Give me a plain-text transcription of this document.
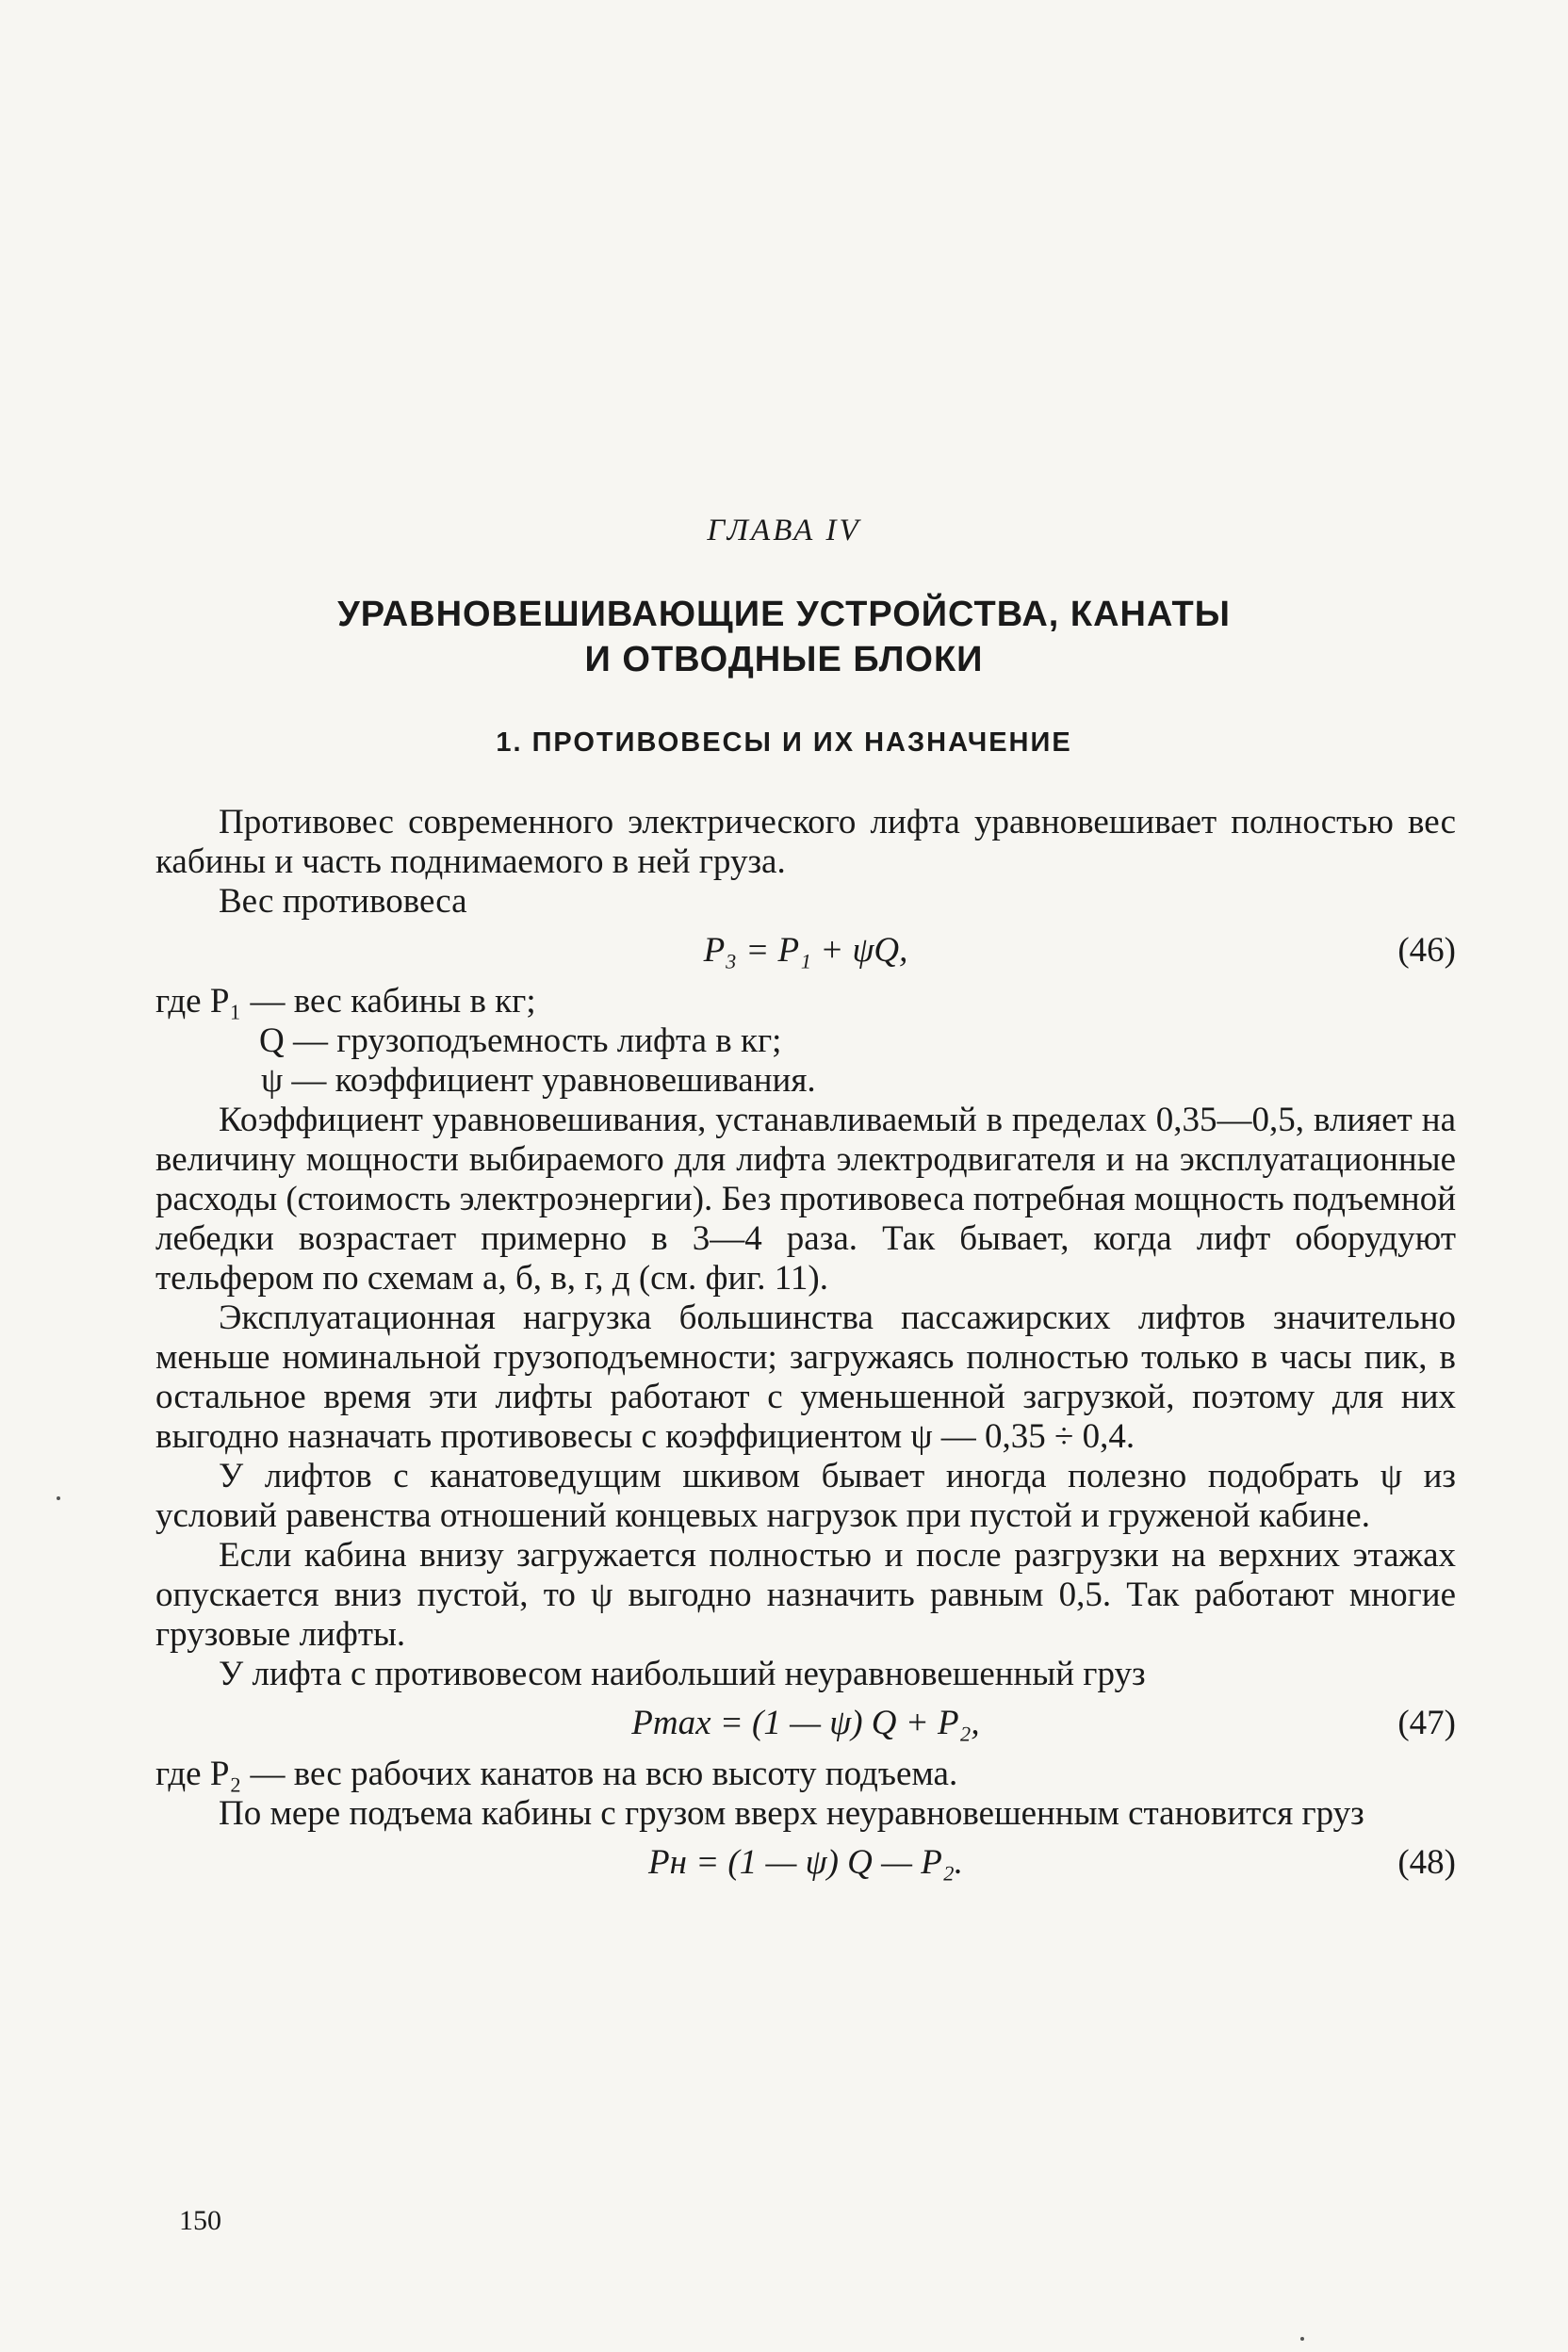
ГЛАВА IV
УРАВНОВЕШИВАЮЩИЕ УСТРОЙСТВА, КАНАТЫ
И ОТВОДНЫЕ БЛОКИ
1. ПРОТИВОВЕСЫ И ИХ НАЗНАЧЕНИЕ

Противовес современного электрического лифта уравновешивает полностью вес кабины и часть поднимаемого в ней груза.

Вес противовеса

P₃ = P₁ + ψQ,	(46)
где P₁ — вес кабины в кг;
Q — грузоподъемность лифта в кг;
ψ — коэффициент уравновешивания.

Коэффициент уравновешивания, устанавливаемый в пределах 0,35—0,5, влияет на величину мощности выбираемого для лифта электродвигателя и на эксплуатационные расходы (стоимость электроэнергии). Без противовеса потребная мощность подъемной лебедки возрастает примерно в 3—4 раза. Так бывает, когда лифт оборудуют тельфером по схемам а, б, в, г, д (см. фиг. 11).

Эксплуатационная нагрузка большинства пассажирских лифтов значительно меньше номинальной грузоподъемности; загружаясь полностью только в часы пик, в остальное время эти лифты работают с уменьшенной загрузкой, поэтому для них выгодно назначать противовесы с коэффициентом ψ — 0,35 ÷ 0,4.

У лифтов с канатоведущим шкивом бывает иногда полезно подобрать ψ из условий равенства отношений концевых нагрузок при пустой и груженой кабине.

Если кабина внизу загружается полностью и после разгрузки на верхних этажах опускается вниз пустой, то ψ выгодно назначить равным 0,5. Так работают многие грузовые лифты.

У лифта с противовесом наибольший неуравновешенный груз

Pmax = (1 — ψ) Q + P₂,	(47)

где P₂ — вес рабочих канатов на всю высоту подъема.

По мере подъема кабины с грузом вверх неуравновешенным становится груз

Pн = (1 — ψ) Q — P₂.	(48)
150
